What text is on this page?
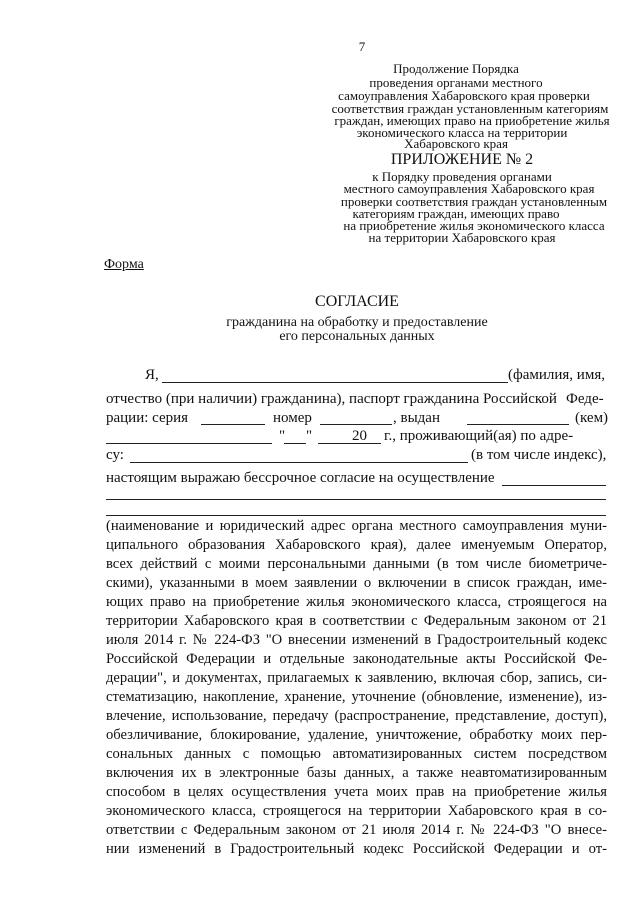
7
Продолжение Порядка
проведения органами местного
самоуправления Хабаровского края проверки
соответствия граждан установленным категориям
граждан, имеющих право на приобретение жилья
экономического класса на территории
Хабаровского края
ПРИЛОЖЕНИЕ № 2
к Порядку проведения органами
местного самоуправления Хабаровского края
проверки соответствия граждан установленным
категориям граждан, имеющих право
на приобретение жилья экономического класса
на территории Хабаровского края
Форма
СОГЛАСИЕ
гражданина на обработку и предоставление
его персональных данных
Я,	(фамилия, имя,
отчество (при наличии) гражданина), паспорт гражданина Российской Феде-
рации: серия	номер	, выдан	(кем)
" "	20 г., проживающий(ая) по адре-
су:	(в том числе индекс),
настоящим выражаю бессрочное согласие на осуществление
(наименование и юридический адрес органа местного самоуправления муни-
ципального образования Хабаровского края), далее именуемым Оператор,
всех действий с моими персональными данными (в том числе биометриче-
скими), указанными в моем заявлении о включении в список граждан, име-
ющих право на приобретение жилья экономического класса, строящегося на
территории Хабаровского края в соответствии с Федеральным законом от 21
июля 2014 г. № 224-ФЗ "О внесении изменений в Градостроительный кодекс
Российской Федерации и отдельные законодательные акты Российской Фе-
дерации", и документах, прилагаемых к заявлению, включая сбор, запись, си-
стематизацию, накопление, хранение, уточнение (обновление, изменение), из-
влечение, использование, передачу (распространение, представление, доступ),
обезличивание, блокирование, удаление, уничтожение, обработку моих пер-
сональных данных с помощью автоматизированных систем посредством
включения их в электронные базы данных, а также неавтоматизированным
способом в целях осуществления учета моих прав на приобретение жилья
экономического класса, строящегося на территории Хабаровского края в со-
ответствии с Федеральным законом от 21 июля 2014 г. № 224-ФЗ "О внесе-
нии изменений в Градостроительный кодекс Российской Федерации и от-
